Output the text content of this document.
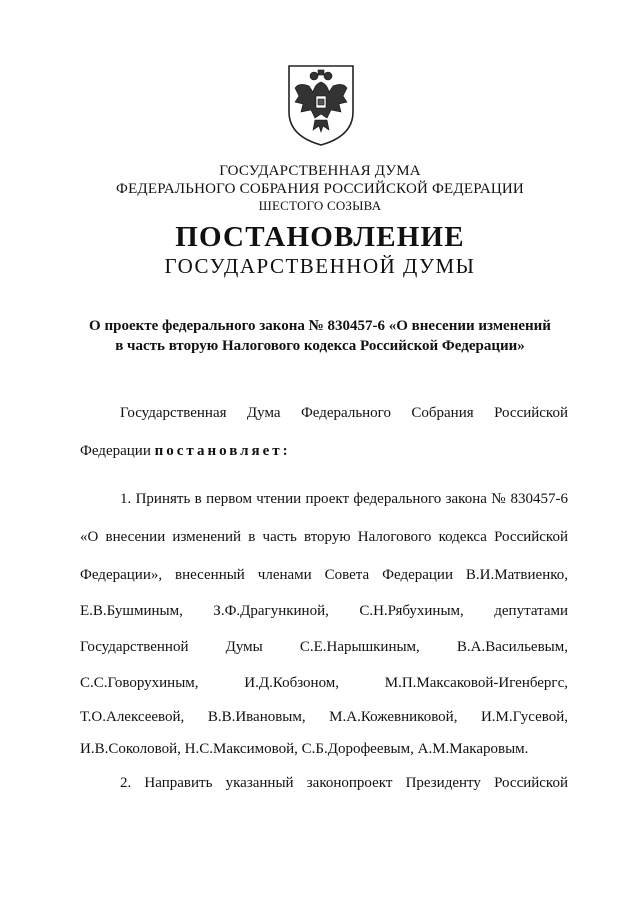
ГОСУДАРСТВЕННАЯ ДУМА
ФЕДЕРАЛЬНОГО СОБРАНИЯ РОССИЙСКОЙ ФЕДЕРАЦИИ
ШЕСТОГО СОЗЫВА
ПОСТАНОВЛЕНИЕ
ГОСУДАРСТВЕННОЙ ДУМЫ
О проекте федерального закона № 830457-6 «О внесении изменений
в часть вторую Налогового кодекса Российской Федерации»
Государственная Дума Федерального Собрания Российской
Федерации постановляет:
1. Принять в первом чтении проект федерального закона № 830457-6
«О внесении изменений в часть вторую Налогового кодекса Российской
Федерации», внесенный членами Совета Федерации В.И.Матвиенко,
Е.В.Бушминым, З.Ф.Драгункиной, С.Н.Рябухиным, депутатами
Государственной Думы С.Е.Нарышкиным, В.А.Васильевым,
С.С.Говорухиным, И.Д.Кобзоном, М.П.Максаковой-Игенбергс,
Т.О.Алексеевой, В.В.Ивановым, М.А.Кожевниковой, И.М.Гусевой,
И.В.Соколовой, Н.С.Максимовой, С.Б.Дорофеевым, А.М.Макаровым.
2. Направить указанный законопроект Президенту Российской
